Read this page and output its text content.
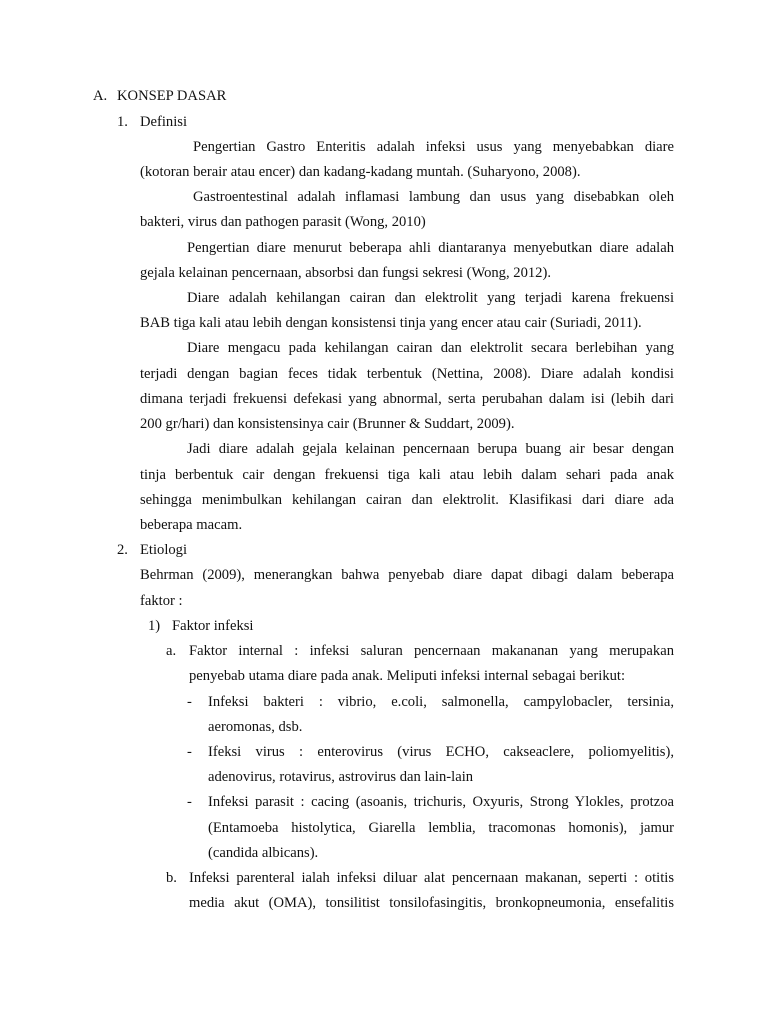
A. KONSEP DASAR
1. Definisi
Pengertian Gastro Enteritis adalah infeksi usus yang menyebabkan diare
(kotoran berair atau encer) dan kadang-kadang muntah. (Suharyono, 2008).
Gastroentestinal adalah inflamasi lambung dan usus yang disebabkan oleh
bakteri, virus dan pathogen parasit (Wong, 2010)
Pengertian diare menurut beberapa ahli diantaranya menyebutkan diare adalah
gejala kelainan pencernaan, absorbsi dan fungsi sekresi (Wong, 2012).
Diare adalah kehilangan cairan dan elektrolit yang terjadi karena frekuensi
BAB tiga kali atau lebih dengan konsistensi tinja yang encer atau cair (Suriadi, 2011).
Diare mengacu pada kehilangan cairan dan elektrolit secara berlebihan yang
terjadi dengan bagian feces tidak terbentuk (Nettina, 2008). Diare adalah kondisi
dimana terjadi frekuensi defekasi yang abnormal, serta perubahan dalam isi (lebih dari
200 gr/hari) dan konsistensinya cair (Brunner & Suddart, 2009).
Jadi diare adalah gejala kelainan pencernaan berupa buang air besar dengan
tinja berbentuk cair dengan frekuensi tiga kali atau lebih dalam sehari pada anak
sehingga menimbulkan kehilangan cairan dan elektrolit. Klasifikasi dari diare ada
beberapa macam.
2. Etiologi
Behrman (2009), menerangkan bahwa penyebab diare dapat dibagi dalam beberapa
faktor :
1) Faktor infeksi
a. Faktor internal : infeksi saluran pencernaan makananan yang merupakan
penyebab utama diare pada anak. Meliputi infeksi internal sebagai berikut:
- Infeksi bakteri : vibrio, e.coli, salmonella, campylobacler, tersinia,
aeromonas, dsb.
- Ifeksi virus : enterovirus (virus ECHO, cakseaclere, poliomyelitis),
adenovirus, rotavirus, astrovirus dan lain-lain
- Infeksi parasit : cacing (asoanis, trichuris, Oxyuris, Strong Ylokles, protzoa
(Entamoeba histolytica, Giarella lemblia, tracomonas homonis), jamur
(candida albicans).
b. Infeksi parenteral ialah infeksi diluar alat pencernaan makanan, seperti : otitis
media akut (OMA), tonsilitist tonsilofasingitis, bronkopneumonia, ensefalitis
